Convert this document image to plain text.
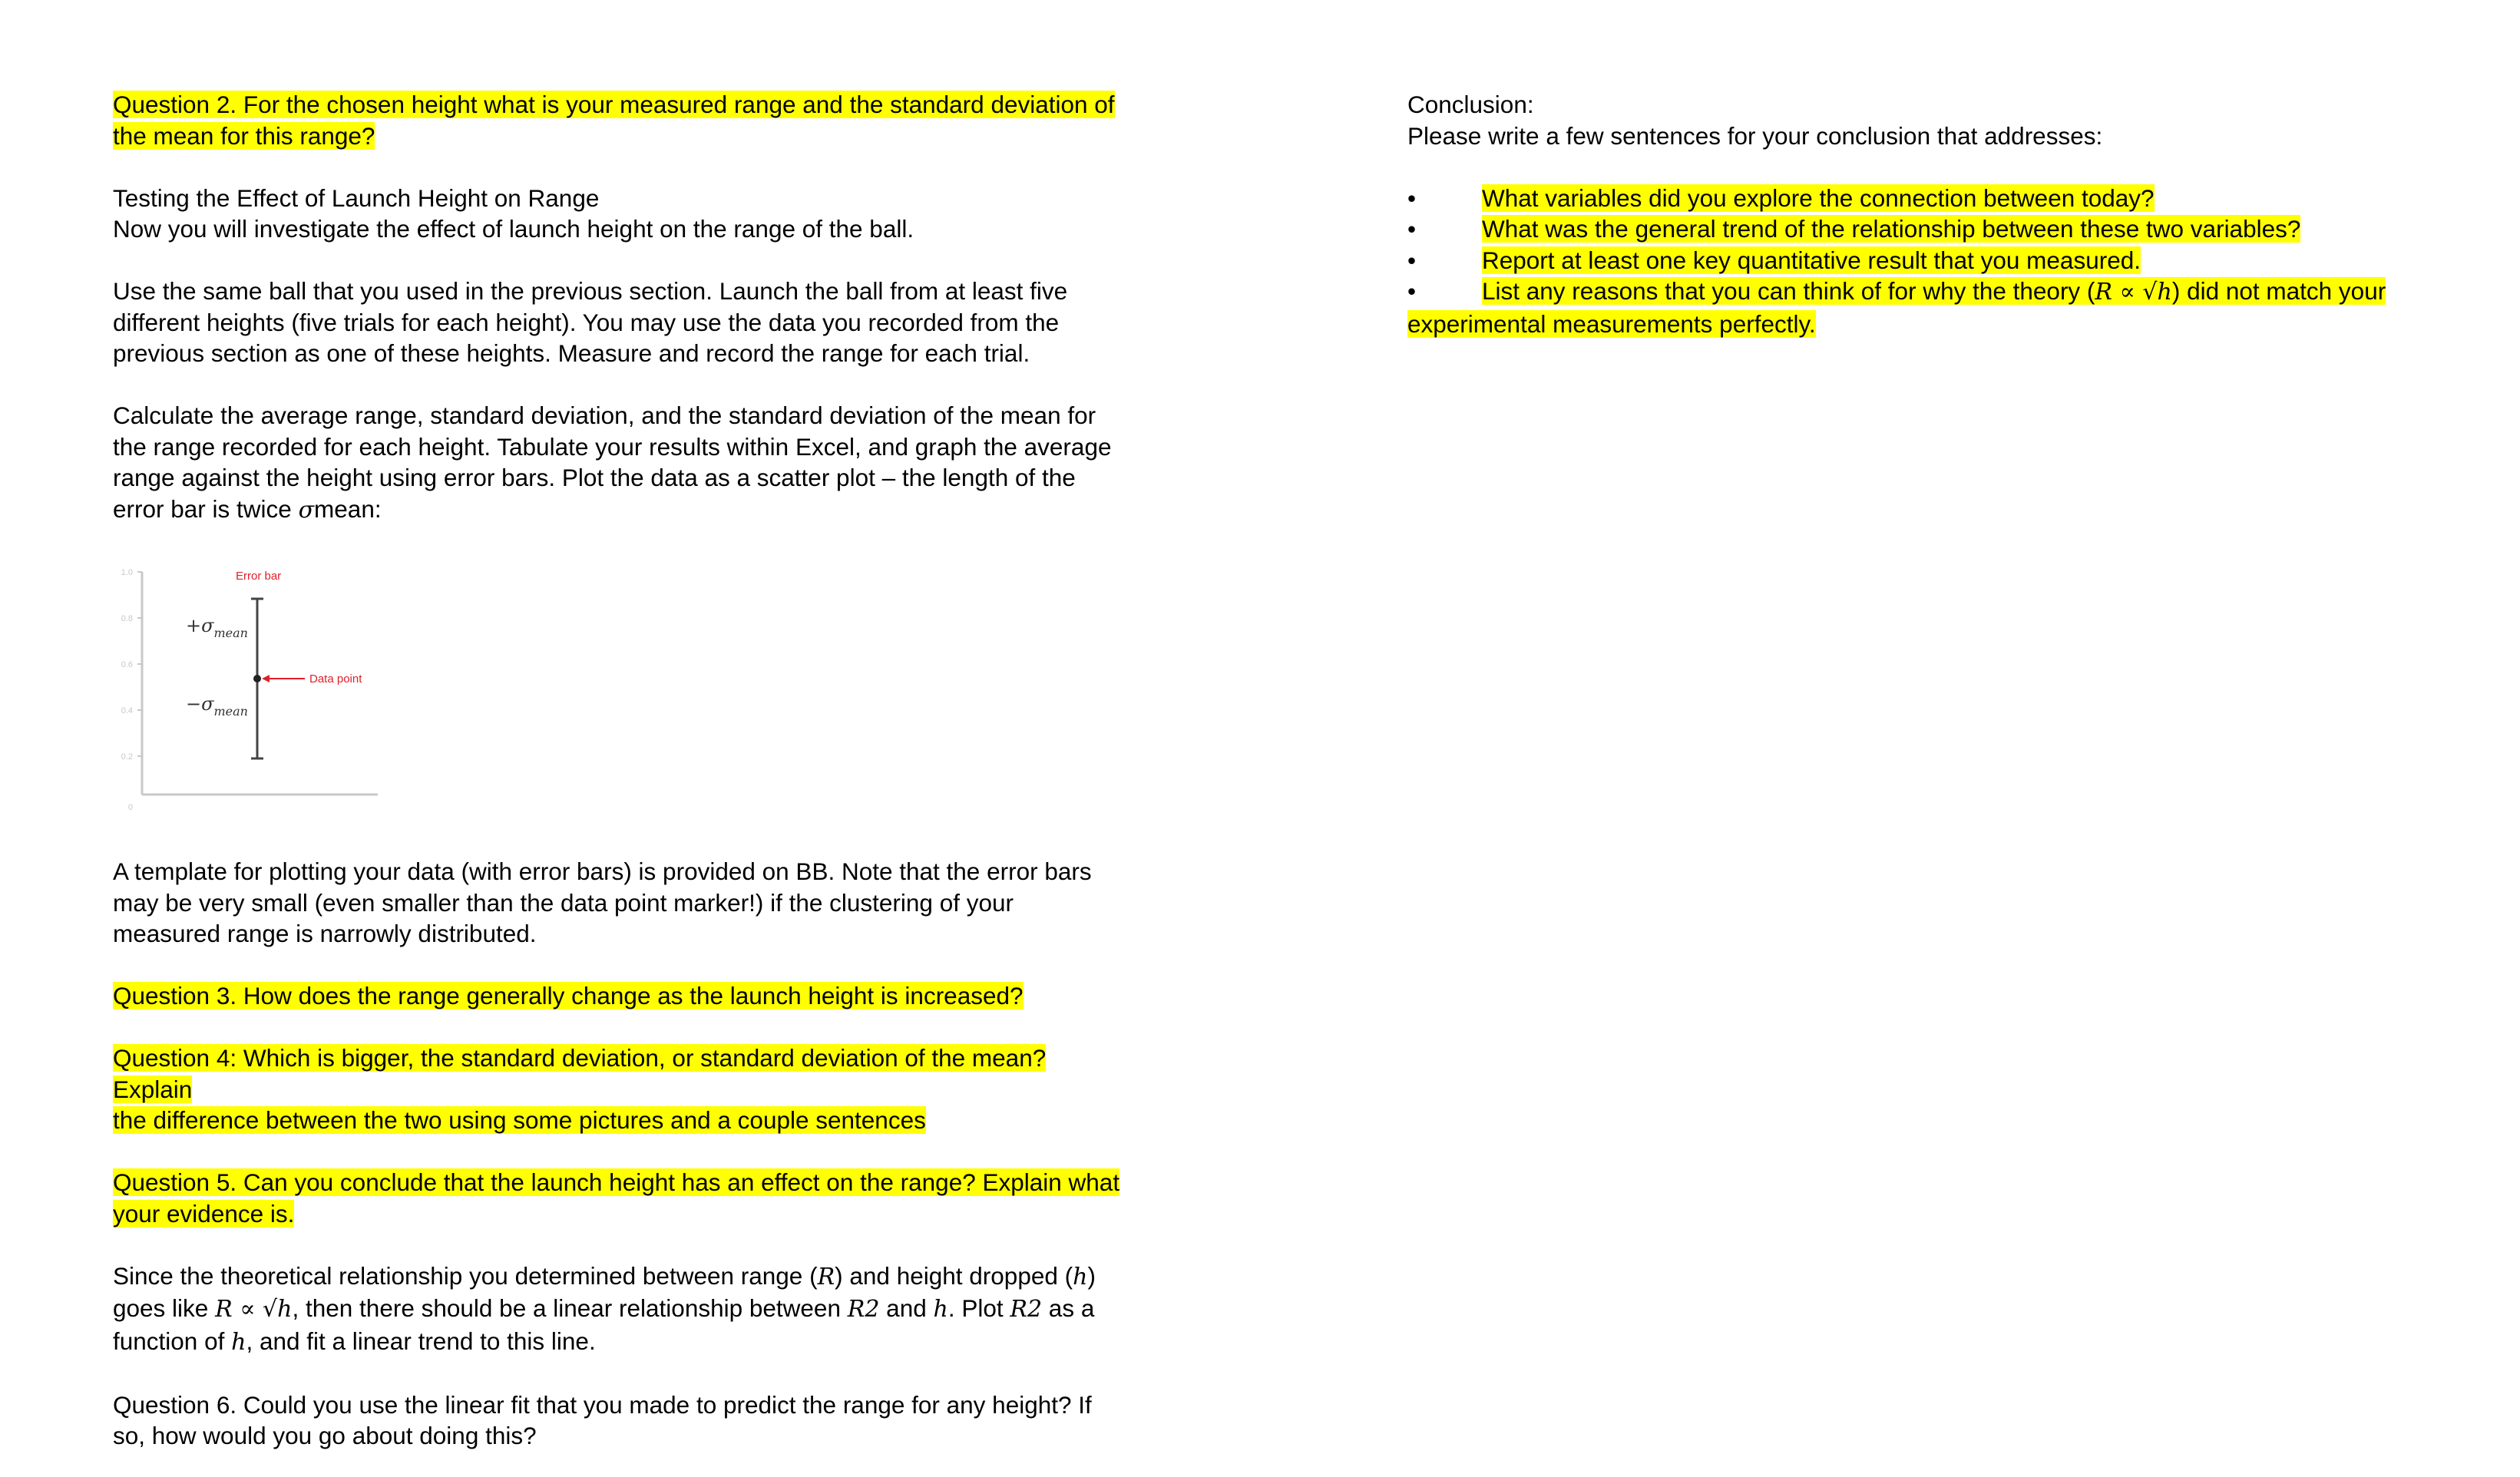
Question 2. For the chosen height what is your measured range and the standard deviation of the mean for this range?

Testing the Effect of Launch Height on Range

Now you will investigate the effect of launch height on the range of the ball.

Use the same ball that you used in the previous section. Launch the ball from at least five different heights (five trials for each height). You may use the data you recorded from the previous section as one of these heights. Measure and record the range for each trial.

Calculate the average range, standard deviation, and the standard deviation of the mean for the range recorded for each height. Tabulate your results within Excel, and graph the average range against the height using error bars. Plot the data as a scatter plot – the length of the error bar is twice σmean:

1.0
0.8
0.6
0.4
0.2
0
Error bar
Data point
$+\sigma_{mean}$
$-\sigma_{mean}$

A template for plotting your data (with error bars) is provided on BB. Note that the error bars may be very small (even smaller than the data point marker!) if the clustering of your measured range is narrowly distributed.

Question 3. How does the range generally change as the launch height is increased?

Question 4: Which is bigger, the standard deviation, or standard deviation of the mean? Explain
the difference between the two using some pictures and a couple sentences

Question 5. Can you conclude that the launch height has an effect on the range? Explain what
your evidence is.

Since the theoretical relationship you determined between range (R) and height dropped (h)
goes like R ∝ √h, then there should be a linear relationship between R2 and h. Plot R2 as a
function of h, and fit a linear trend to this line.

Question 6. Could you use the linear fit that you made to predict the range for any height? If so, how would you go about doing this?

Conclusion:

Please write a few sentences for your conclusion that addresses:

•	What variables did you explore the connection between today?
•	What was the general trend of the relationship between these two variables?
•	Report at least one key quantitative result that you measured.
•	List any reasons that you can think of for why the theory (R ∝ √h) did not match your
experimental measurements perfectly.
